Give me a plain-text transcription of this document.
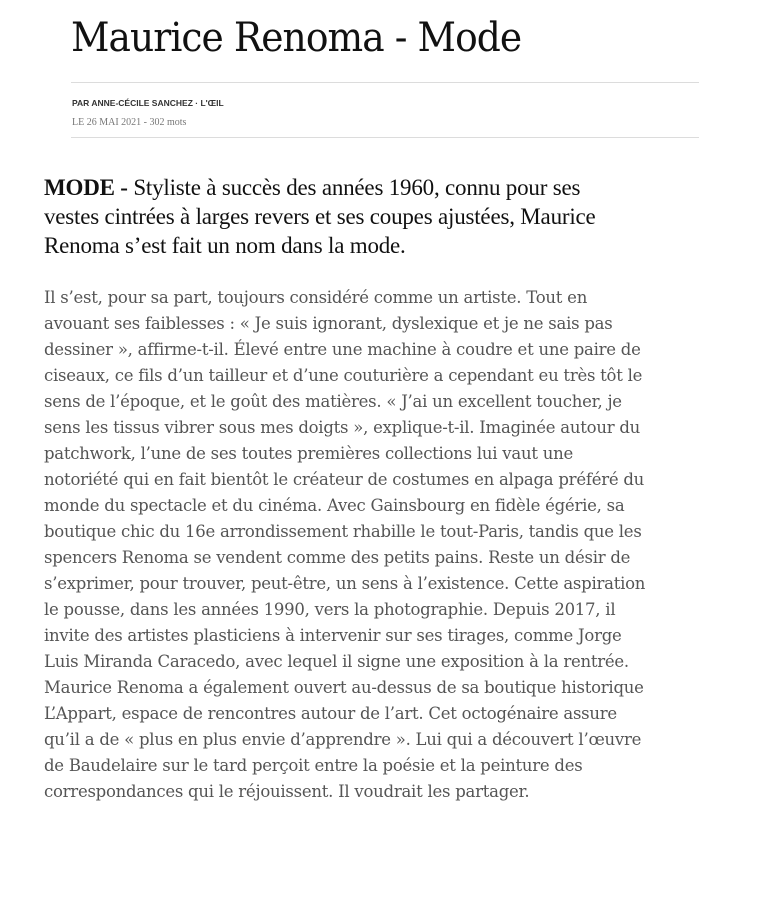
Maurice Renoma - Mode
PAR ANNE-CÉCILE SANCHEZ · L'ŒIL
LE 26 MAI 2021 - 302 mots

MODE - Styliste à succès des années 1960, connu pour ses
vestes cintrées à larges revers et ses coupes ajustées, Maurice
Renoma s’est fait un nom dans la mode.

Il s’est, pour sa part, toujours considéré comme un artiste. Tout en
avouant ses faiblesses : « Je suis ignorant, dyslexique et je ne sais pas
dessiner », affirme-t-il. Élevé entre une machine à coudre et une paire de
ciseaux, ce fils d’un tailleur et d’une couturière a cependant eu très tôt le
sens de l’époque, et le goût des matières. « J’ai un excellent toucher, je
sens les tissus vibrer sous mes doigts », explique-t-il. Imaginée autour du
patchwork, l’une de ses toutes premières collections lui vaut une
notoriété qui en fait bientôt le créateur de costumes en alpaga préféré du
monde du spectacle et du cinéma. Avec Gainsbourg en fidèle égérie, sa
boutique chic du 16e arrondissement rhabille le tout-Paris, tandis que les
spencers Renoma se vendent comme des petits pains. Reste un désir de
s’exprimer, pour trouver, peut-être, un sens à l’existence. Cette aspiration
le pousse, dans les années 1990, vers la photographie. Depuis 2017, il
invite des artistes plasticiens à intervenir sur ses tirages, comme Jorge
Luis Miranda Caracedo, avec lequel il signe une exposition à la rentrée.
Maurice Renoma a également ouvert au-dessus de sa boutique historique
L’Appart, espace de rencontres autour de l’art. Cet octogénaire assure
qu’il a de « plus en plus envie d’apprendre ». Lui qui a découvert l’œuvre
de Baudelaire sur le tard perçoit entre la poésie et la peinture des
correspondances qui le réjouissent. Il voudrait les partager.
